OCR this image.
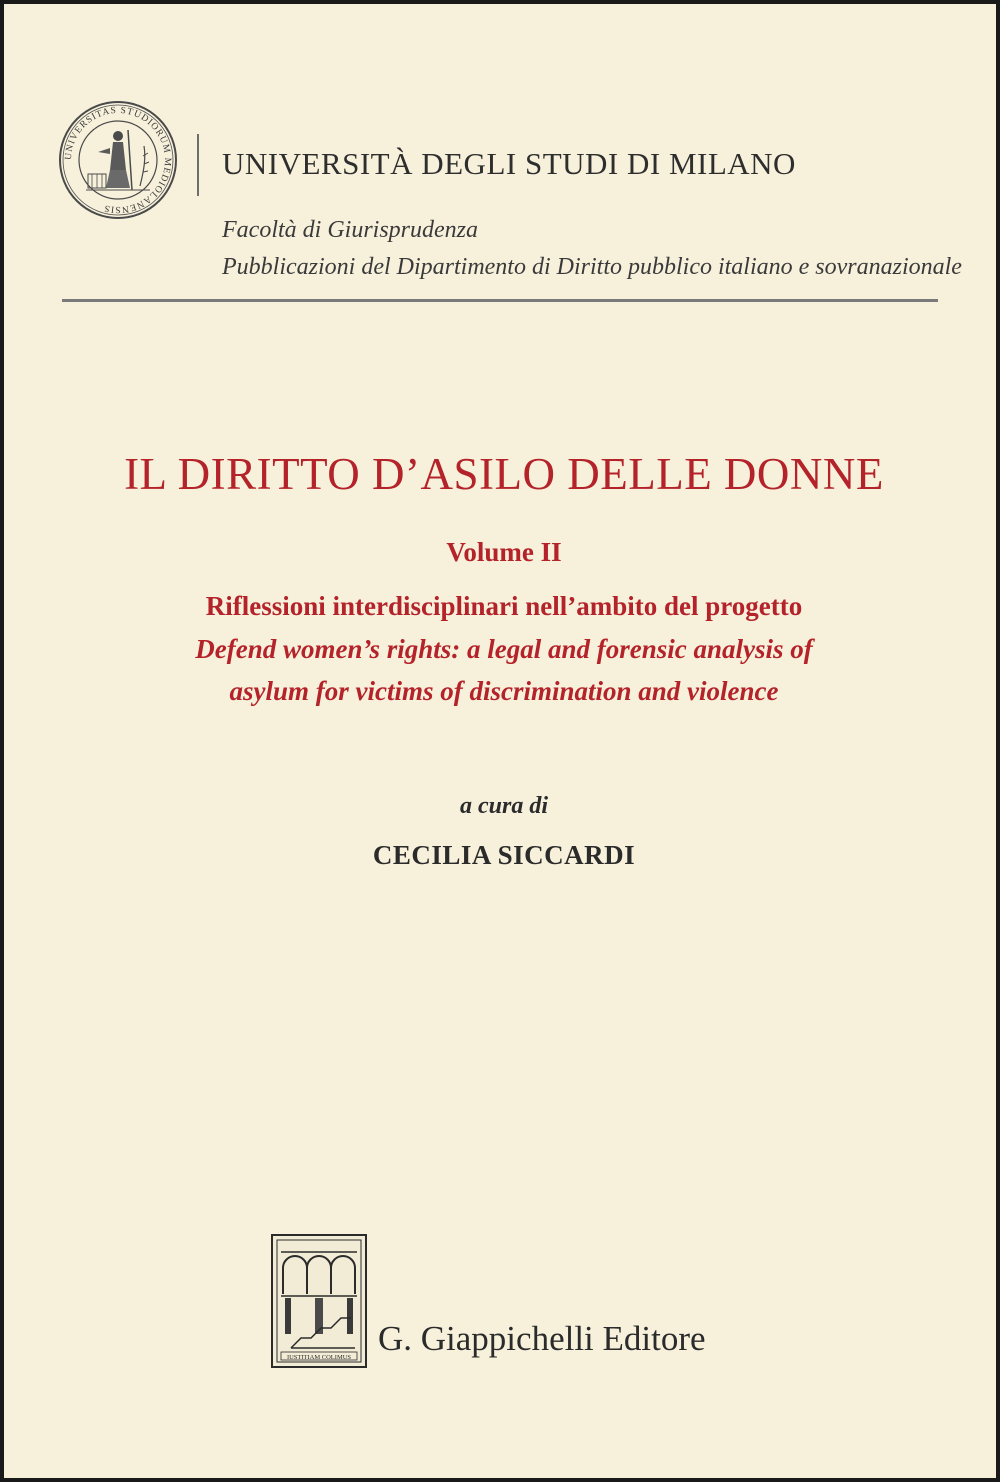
UNIVERSITAS STUDIORUM MEDIOLANENSIS
UNIVERSITÀ DEGLI STUDI DI MILANO
Facoltà di Giurisprudenza
Pubblicazioni del Dipartimento di Diritto pubblico italiano e sovranazionale
IL DIRITTO D’ASILO DELLE DONNE
Volume II
Riflessioni interdisciplinari nell’ambito del progetto
Defend women’s rights: a legal and forensic analysis of
asylum for victims of discrimination and violence
a cura di
CECILIA SICCARDI
IUSTITIAM COLIMUS G. Giappichelli Editore
